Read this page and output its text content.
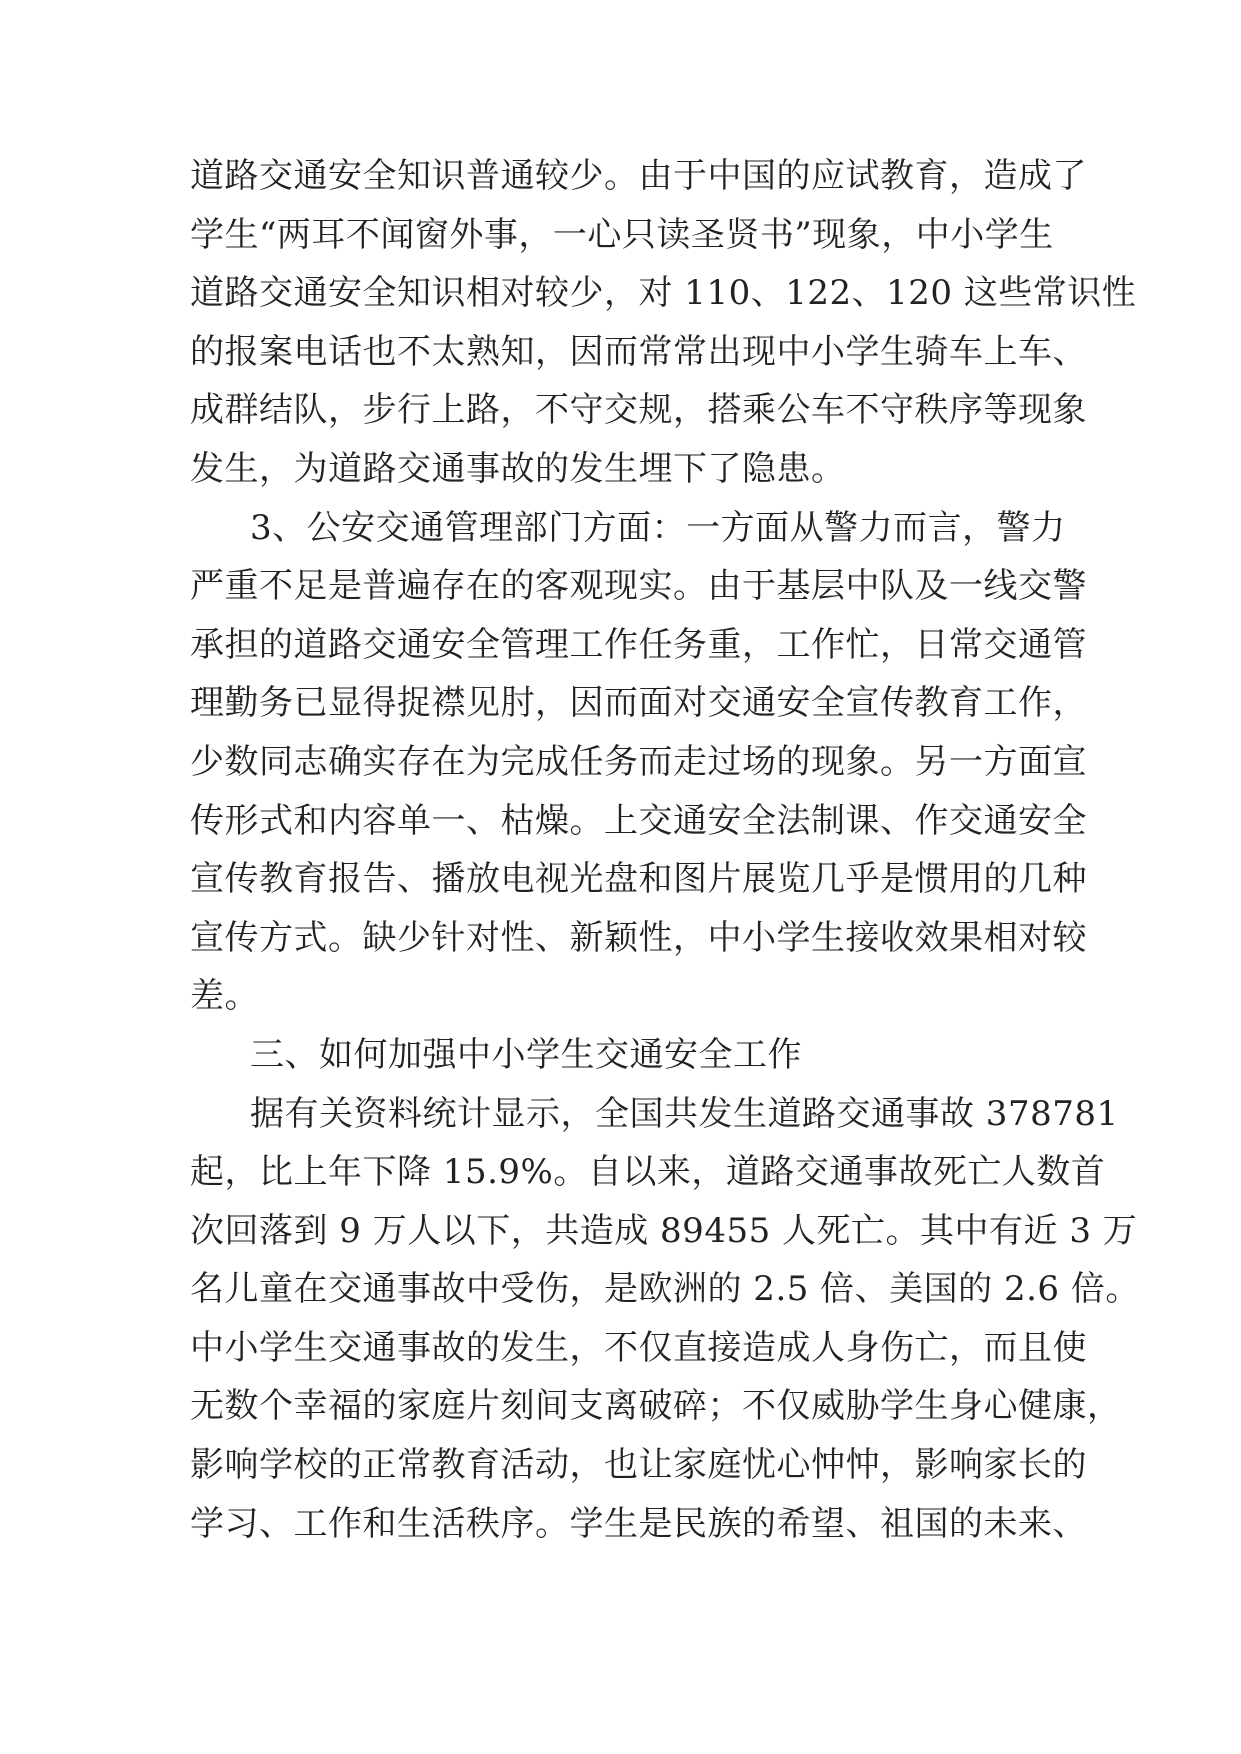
道路交通安全知识普通较少。由于中国的应试教育，造成了
学生“两耳不闻窗外事，一心只读圣贤书”现象，中小学生
道路交通安全知识相对较少，对 110、122、120 这些常识性
的报案电话也不太熟知，因而常常出现中小学生骑车上车、
成群结队，步行上路，不守交规，搭乘公车不守秩序等现象
发生，为道路交通事故的发生埋下了隐患。
3、公安交通管理部门方面：一方面从警力而言，警力
严重不足是普遍存在的客观现实。由于基层中队及一线交警
承担的道路交通安全管理工作任务重，工作忙，日常交通管
理勤务已显得捉襟见肘，因而面对交通安全宣传教育工作，
少数同志确实存在为完成任务而走过场的现象。另一方面宣
传形式和内容单一、枯燥。上交通安全法制课、作交通安全
宣传教育报告、播放电视光盘和图片展览几乎是惯用的几种
宣传方式。缺少针对性、新颖性，中小学生接收效果相对较
差。
三、如何加强中小学生交通安全工作
据有关资料统计显示，全国共发生道路交通事故 378781
起，比上年下降 15.9%。自以来，道路交通事故死亡人数首
次回落到 9 万人以下，共造成 89455 人死亡。其中有近 3 万
名儿童在交通事故中受伤，是欧洲的 2.5 倍、美国的 2.6 倍。
中小学生交通事故的发生，不仅直接造成人身伤亡，而且使
无数个幸福的家庭片刻间支离破碎；不仅威胁学生身心健康，
影响学校的正常教育活动，也让家庭忧心忡忡，影响家长的
学习、工作和生活秩序。学生是民族的希望、祖国的未来、
